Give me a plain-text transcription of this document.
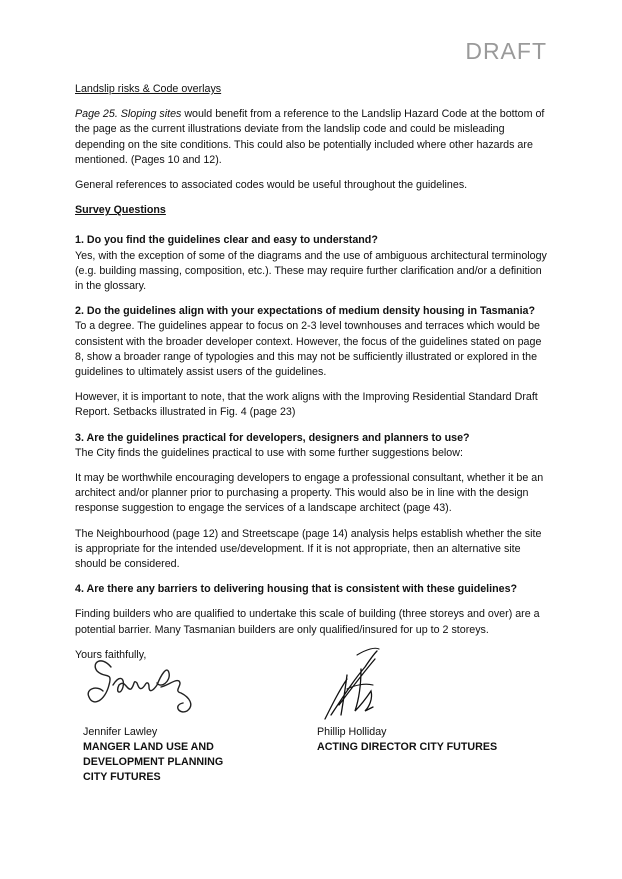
DRAFT

Landslip risks & Code overlays

Page 25. Sloping sites would benefit from a reference to the Landslip Hazard Code at the bottom of the page as the current illustrations deviate from the landslip code and could be misleading depending on the site conditions. This could also be potentially included where other hazards are mentioned. (Pages 10 and 12).

General references to associated codes would be useful throughout the guidelines.

Survey Questions

1. Do you find the guidelines clear and easy to understand?

Yes, with the exception of some of the diagrams and the use of ambiguous architectural terminology (e.g. building massing, composition, etc.). These may require further clarification and/or a definition in the glossary.

2. Do the guidelines align with your expectations of medium density housing in Tasmania?

To a degree. The guidelines appear to focus on 2-3 level townhouses and terraces which would be consistent with the broader developer context. However, the focus of the guidelines stated on page 8, show a broader range of typologies and this may not be sufficiently illustrated or explored in the guidelines to ultimately assist users of the guidelines.

However, it is important to note, that the work aligns with the Improving Residential Standard Draft Report. Setbacks illustrated in Fig. 4 (page 23)

3. Are the guidelines practical for developers, designers and planners to use?

The City finds the guidelines practical to use with some further suggestions below:

It may be worthwhile encouraging developers to engage a professional consultant, whether it be an architect and/or planner prior to purchasing a property. This would also be in line with the design response suggestion to engage the services of a landscape architect (page 43).

The Neighbourhood (page 12) and Streetscape (page 14) analysis helps establish whether the site is appropriate for the intended use/development. If it is not appropriate, then an alternative site should be considered.

4. Are there any barriers to delivering housing that is consistent with these guidelines?

Finding builders who are qualified to undertake this scale of building (three storeys and over) are a potential barrier. Many Tasmanian builders are only qualified/insured for up to 2 storeys.

Yours faithfully,

Jennifer Lawley
MANGER LAND USE AND DEVELOPMENT PLANNING CITY FUTURES
Phillip Holliday
ACTING DIRECTOR CITY FUTURES
